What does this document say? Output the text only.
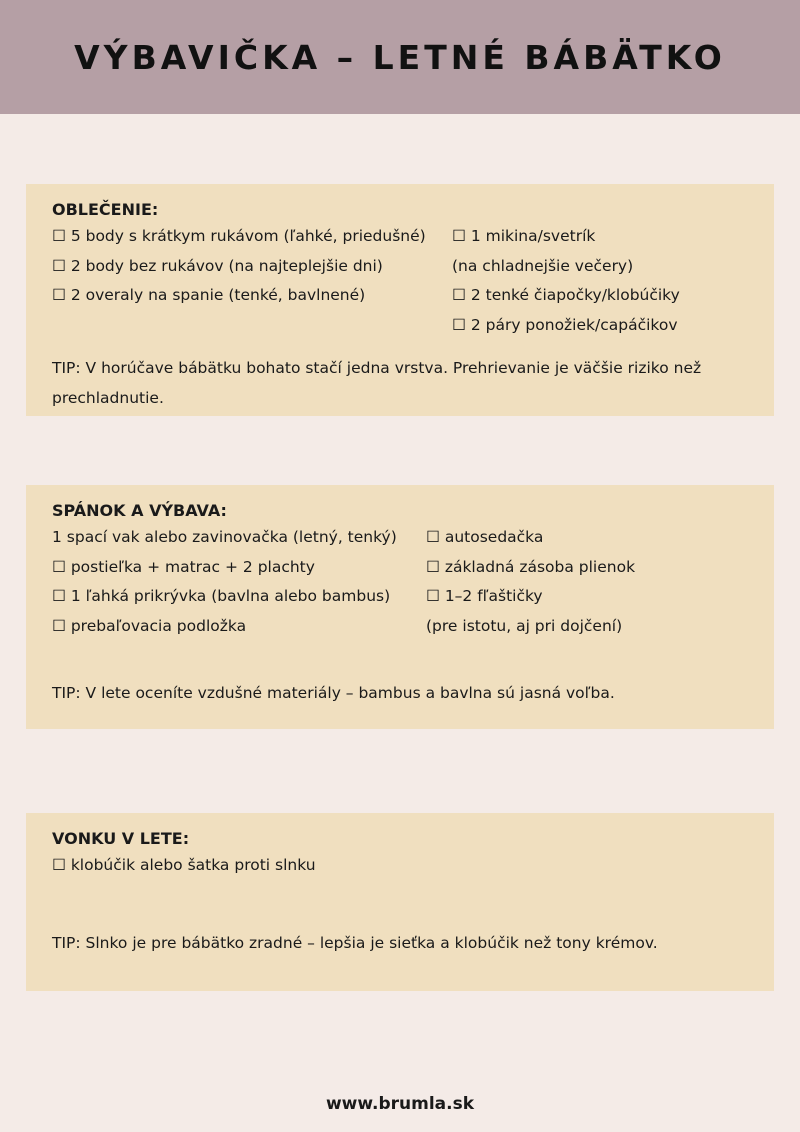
VÝBAVIČKA – LETNÉ BÁBÄTKO
OBLEČENIE:
☐ 5 body s krátkym rukávom (ľahké, priedušné)
☐ 2 body bez rukávov (na najteplejšie dni)
☐ 2 overaly na spanie (tenké, bavlnené)
☐ 1 mikina/svetrík
(na chladnejšie večery)
☐ 2 tenké čiapočky/klobúčiky
☐ 2 páry ponožiek/capáčikov
TIP: V horúčave bábätku bohato stačí jedna vrstva. Prehrievanie je väčšie riziko než prechladnutie.
SPÁNOK A VÝBAVA:
1 spací vak alebo zavinovačka (letný, tenký)
☐ postieľka + matrac + 2 plachty
☐ 1 ľahká prikrývka (bavlna alebo bambus)
☐ prebaľovacia podložka
☐ autosedačka
☐ základná zásoba plienok
☐ 1–2 fľaštičky
(pre istotu, aj pri dojčení)
TIP: V lete oceníte vzdušné materiály – bambus a bavlna sú jasná voľba.
VONKU V LETE:
☐ klobúčik alebo šatka proti slnku
TIP: Slnko je pre bábätko zradné – lepšia je sieťka a klobúčik než tony krémov.
www.brumla.sk
